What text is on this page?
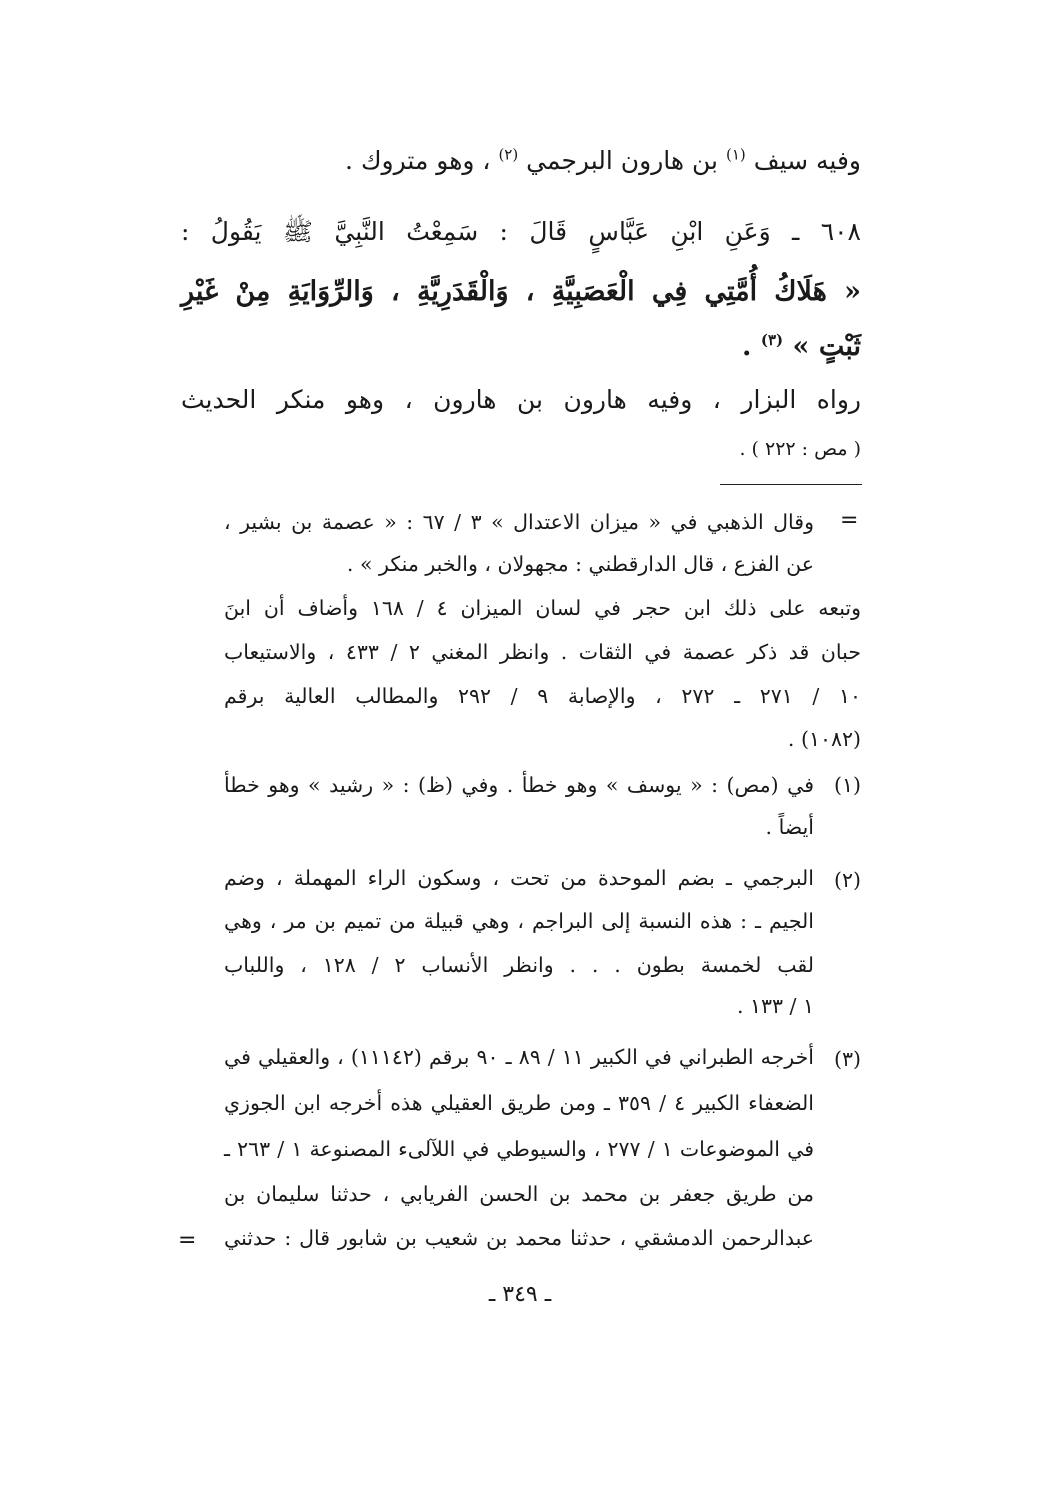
وفيه سيف $^{(١)}$ بن هارون البرجمي $^{(٢)}$ ، وهو متروك .
٦٠٨ ـ وَعَنِ ابْنِ عَبَّاسٍ قَالَ : سَمِعْتُ النَّبِيَّ ﷺ يَقُولُ :
« هَلَاكُ أُمَّتِي فِي الْعَصَبِيَّةِ ، وَالْقَدَرِيَّةِ ، وَالرِّوَايَةِ مِنْ غَيْرِ
ثَبْتٍ » $^{(٣)}$ .
رواه البزار ، وفيه هارون بن هارون ، وهو منكر الحديث
( مص : ٢٢٢ ) .
=
وقال الذهبي في « ميزان الاعتدال » ٣ / ٦٧ : « عصمة بن بشير ،
عن الفزع ، قال الدارقطني : مجهولان ، والخبر منكر » .
وتبعه على ذلك ابن حجر في لسان الميزان ٤ / ١٦٨ وأضاف أن ابنَ
حبان قد ذكر عصمة في الثقات . وانظر المغني ٢ / ٤٣٣ ، والاستيعاب
١٠ / ٢٧١ ـ ٢٧٢ ، والإصابة ٩ / ٢٩٢ والمطالب العالية برقم
(١٠٨٢) .
(١)
في (مص) : « يوسف » وهو خطأ . وفي (ظ) : « رشيد » وهو خطأ
أيضاً .
(٢)
البرجمي ـ بضم الموحدة من تحت ، وسكون الراء المهملة ، وضم
الجيم ـ : هذه النسبة إلى البراجم ، وهي قبيلة من تميم بن مر ، وهي
لقب لخمسة بطون . . . وانظر الأنساب ٢ / ١٢٨ ، واللباب
١ / ١٣٣ .
(٣)
أخرجه الطبراني في الكبير ١١ / ٨٩ ـ ٩٠ برقم (١١١٤٢) ، والعقيلي في
الضعفاء الكبير ٤ / ٣٥٩ ـ ومن طريق العقيلي هذه أخرجه ابن الجوزي
في الموضوعات ١ / ٢٧٧ ، والسيوطي في اللآلىء المصنوعة ١ / ٢٦٣ ـ
من طريق جعفر بن محمد بن الحسن الفريابي ، حدثنا سليمان بن
عبدالرحمن الدمشقي ، حدثنا محمد بن شعيب بن شابور قال : حدثني
=
ـ ٣٤٩ ـ
